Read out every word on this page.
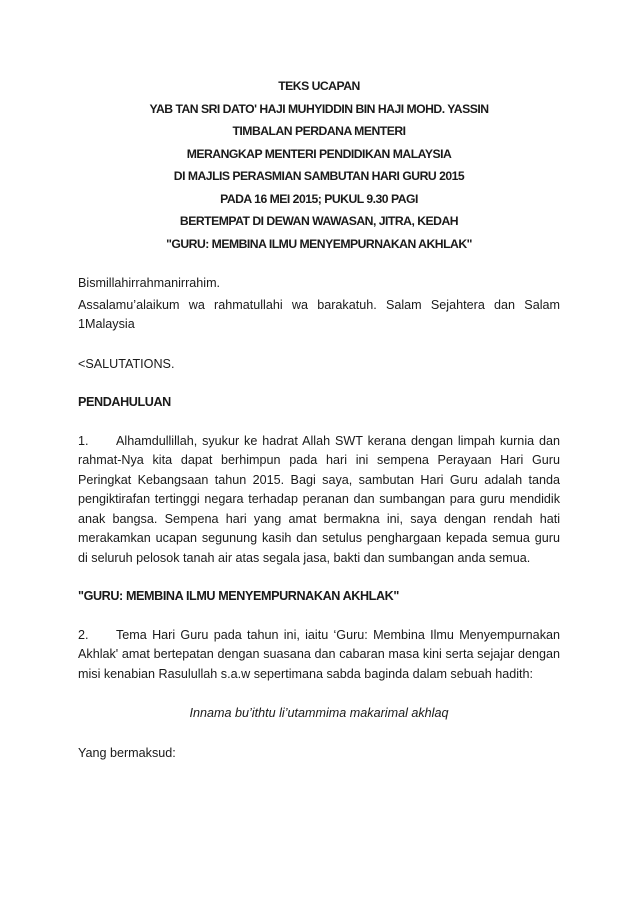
TEKS UCAPAN
YAB TAN SRI DATO' HAJI MUHYIDDIN BIN HAJI MOHD. YASSIN
TIMBALAN PERDANA MENTERI
MERANGKAP MENTERI PENDIDIKAN MALAYSIA
DI MAJLIS PERASMIAN SAMBUTAN HARI GURU 2015
PADA 16 MEI 2015; PUKUL 9.30 PAGI
BERTEMPAT DI DEWAN WAWASAN, JITRA, KEDAH
"GURU: MEMBINA ILMU MENYEMPURNAKAN AKHLAK"

Bismillahirrahmanirrahim.

Assalamu’alaikum wa rahmatullahi wa barakatuh. Salam Sejahtera dan Salam 1Malaysia

<SALUTATIONS.

PENDAHULUAN

1. Alhamdullillah, syukur ke hadrat Allah SWT kerana dengan limpah kurnia dan rahmat-Nya kita dapat berhimpun pada hari ini sempena Perayaan Hari Guru Peringkat Kebangsaan tahun 2015. Bagi saya, sambutan Hari Guru adalah tanda pengiktirafan tertinggi negara terhadap peranan dan sumbangan para guru mendidik anak bangsa. Sempena hari yang amat bermakna ini, saya dengan rendah hati merakamkan ucapan segunung kasih dan setulus penghargaan kepada semua guru di seluruh pelosok tanah air atas segala jasa, bakti dan sumbangan anda semua.

"GURU: MEMBINA ILMU MENYEMPURNAKAN AKHLAK"

2. Tema Hari Guru pada tahun ini, iaitu ‘Guru: Membina Ilmu Menyempurnakan Akhlak' amat bertepatan dengan suasana dan cabaran masa kini serta sejajar dengan misi kenabian Rasulullah s.a.w sepertimana sabda baginda dalam sebuah hadith:

Innama bu’ithtu li’utammima makarimal akhlaq

Yang bermaksud:
